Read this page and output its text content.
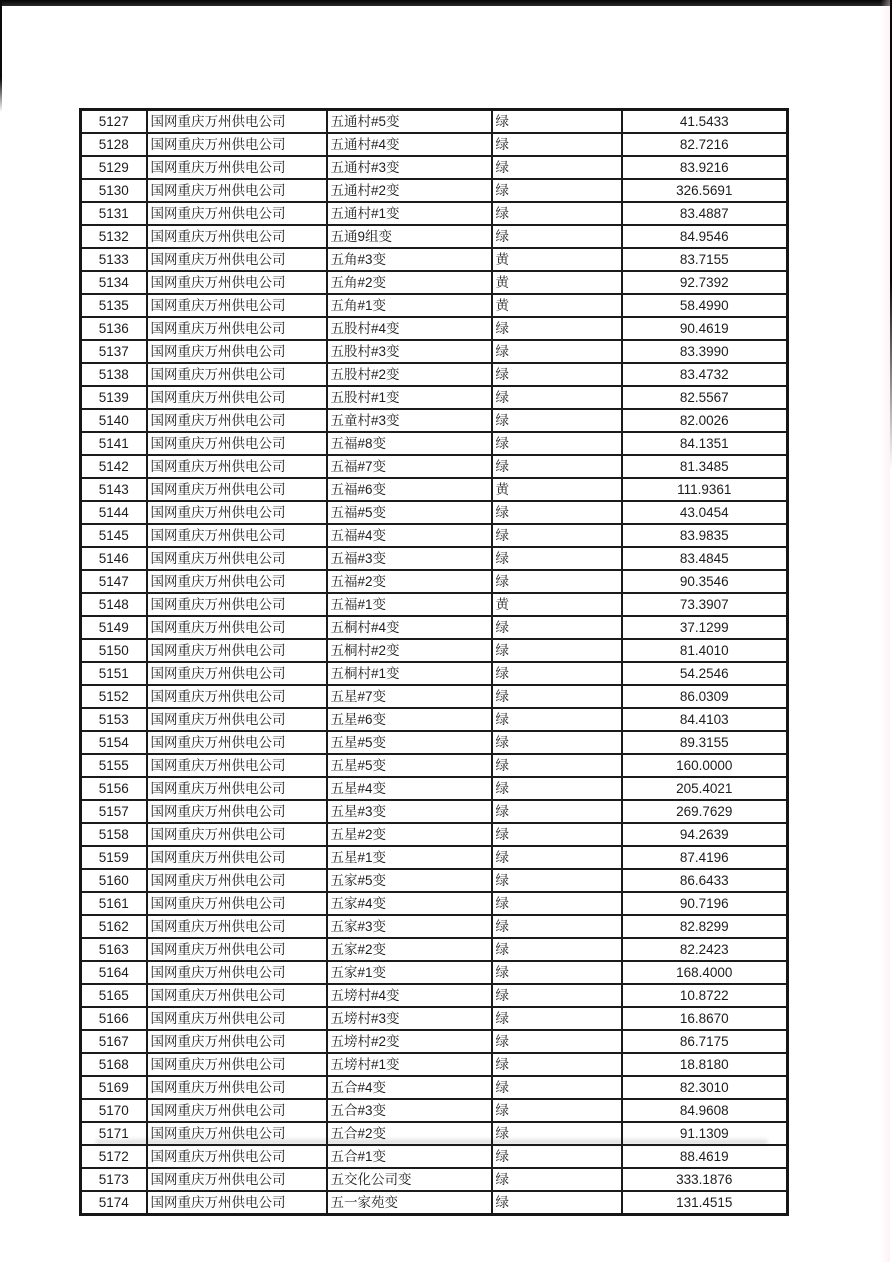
5127	国网重庆万州供电公司	五通村#5变	绿	41.5433
5128	国网重庆万州供电公司	五通村#4变	绿	82.7216
5129	国网重庆万州供电公司	五通村#3变	绿	83.9216
5130	国网重庆万州供电公司	五通村#2变	绿	326.5691
5131	国网重庆万州供电公司	五通村#1变	绿	83.4887
5132	国网重庆万州供电公司	五通9组变	绿	84.9546
5133	国网重庆万州供电公司	五角#3变	黄	83.7155
5134	国网重庆万州供电公司	五角#2变	黄	92.7392
5135	国网重庆万州供电公司	五角#1变	黄	58.4990
5136	国网重庆万州供电公司	五股村#4变	绿	90.4619
5137	国网重庆万州供电公司	五股村#3变	绿	83.3990
5138	国网重庆万州供电公司	五股村#2变	绿	83.4732
5139	国网重庆万州供电公司	五股村#1变	绿	82.5567
5140	国网重庆万州供电公司	五童村#3变	绿	82.0026
5141	国网重庆万州供电公司	五福#8变	绿	84.1351
5142	国网重庆万州供电公司	五福#7变	绿	81.3485
5143	国网重庆万州供电公司	五福#6变	黄	111.9361
5144	国网重庆万州供电公司	五福#5变	绿	43.0454
5145	国网重庆万州供电公司	五福#4变	绿	83.9835
5146	国网重庆万州供电公司	五福#3变	绿	83.4845
5147	国网重庆万州供电公司	五福#2变	绿	90.3546
5148	国网重庆万州供电公司	五福#1变	黄	73.3907
5149	国网重庆万州供电公司	五桐村#4变	绿	37.1299
5150	国网重庆万州供电公司	五桐村#2变	绿	81.4010
5151	国网重庆万州供电公司	五桐村#1变	绿	54.2546
5152	国网重庆万州供电公司	五星#7变	绿	86.0309
5153	国网重庆万州供电公司	五星#6变	绿	84.4103
5154	国网重庆万州供电公司	五星#5变	绿	89.3155
5155	国网重庆万州供电公司	五星#5变	绿	160.0000
5156	国网重庆万州供电公司	五星#4变	绿	205.4021
5157	国网重庆万州供电公司	五星#3变	绿	269.7629
5158	国网重庆万州供电公司	五星#2变	绿	94.2639
5159	国网重庆万州供电公司	五星#1变	绿	87.4196
5160	国网重庆万州供电公司	五家#5变	绿	86.6433
5161	国网重庆万州供电公司	五家#4变	绿	90.7196
5162	国网重庆万州供电公司	五家#3变	绿	82.8299
5163	国网重庆万州供电公司	五家#2变	绿	82.2423
5164	国网重庆万州供电公司	五家#1变	绿	168.4000
5165	国网重庆万州供电公司	五塝村#4变	绿	10.8722
5166	国网重庆万州供电公司	五塝村#3变	绿	16.8670
5167	国网重庆万州供电公司	五塝村#2变	绿	86.7175
5168	国网重庆万州供电公司	五塝村#1变	绿	18.8180
5169	国网重庆万州供电公司	五合#4变	绿	82.3010
5170	国网重庆万州供电公司	五合#3变	绿	84.9608
5171	国网重庆万州供电公司	五合#2变	绿	91.1309
5172	国网重庆万州供电公司	五合#1变	绿	88.4619
5173	国网重庆万州供电公司	五交化公司变	绿	333.1876
5174	国网重庆万州供电公司	五一家苑变	绿	131.4515
